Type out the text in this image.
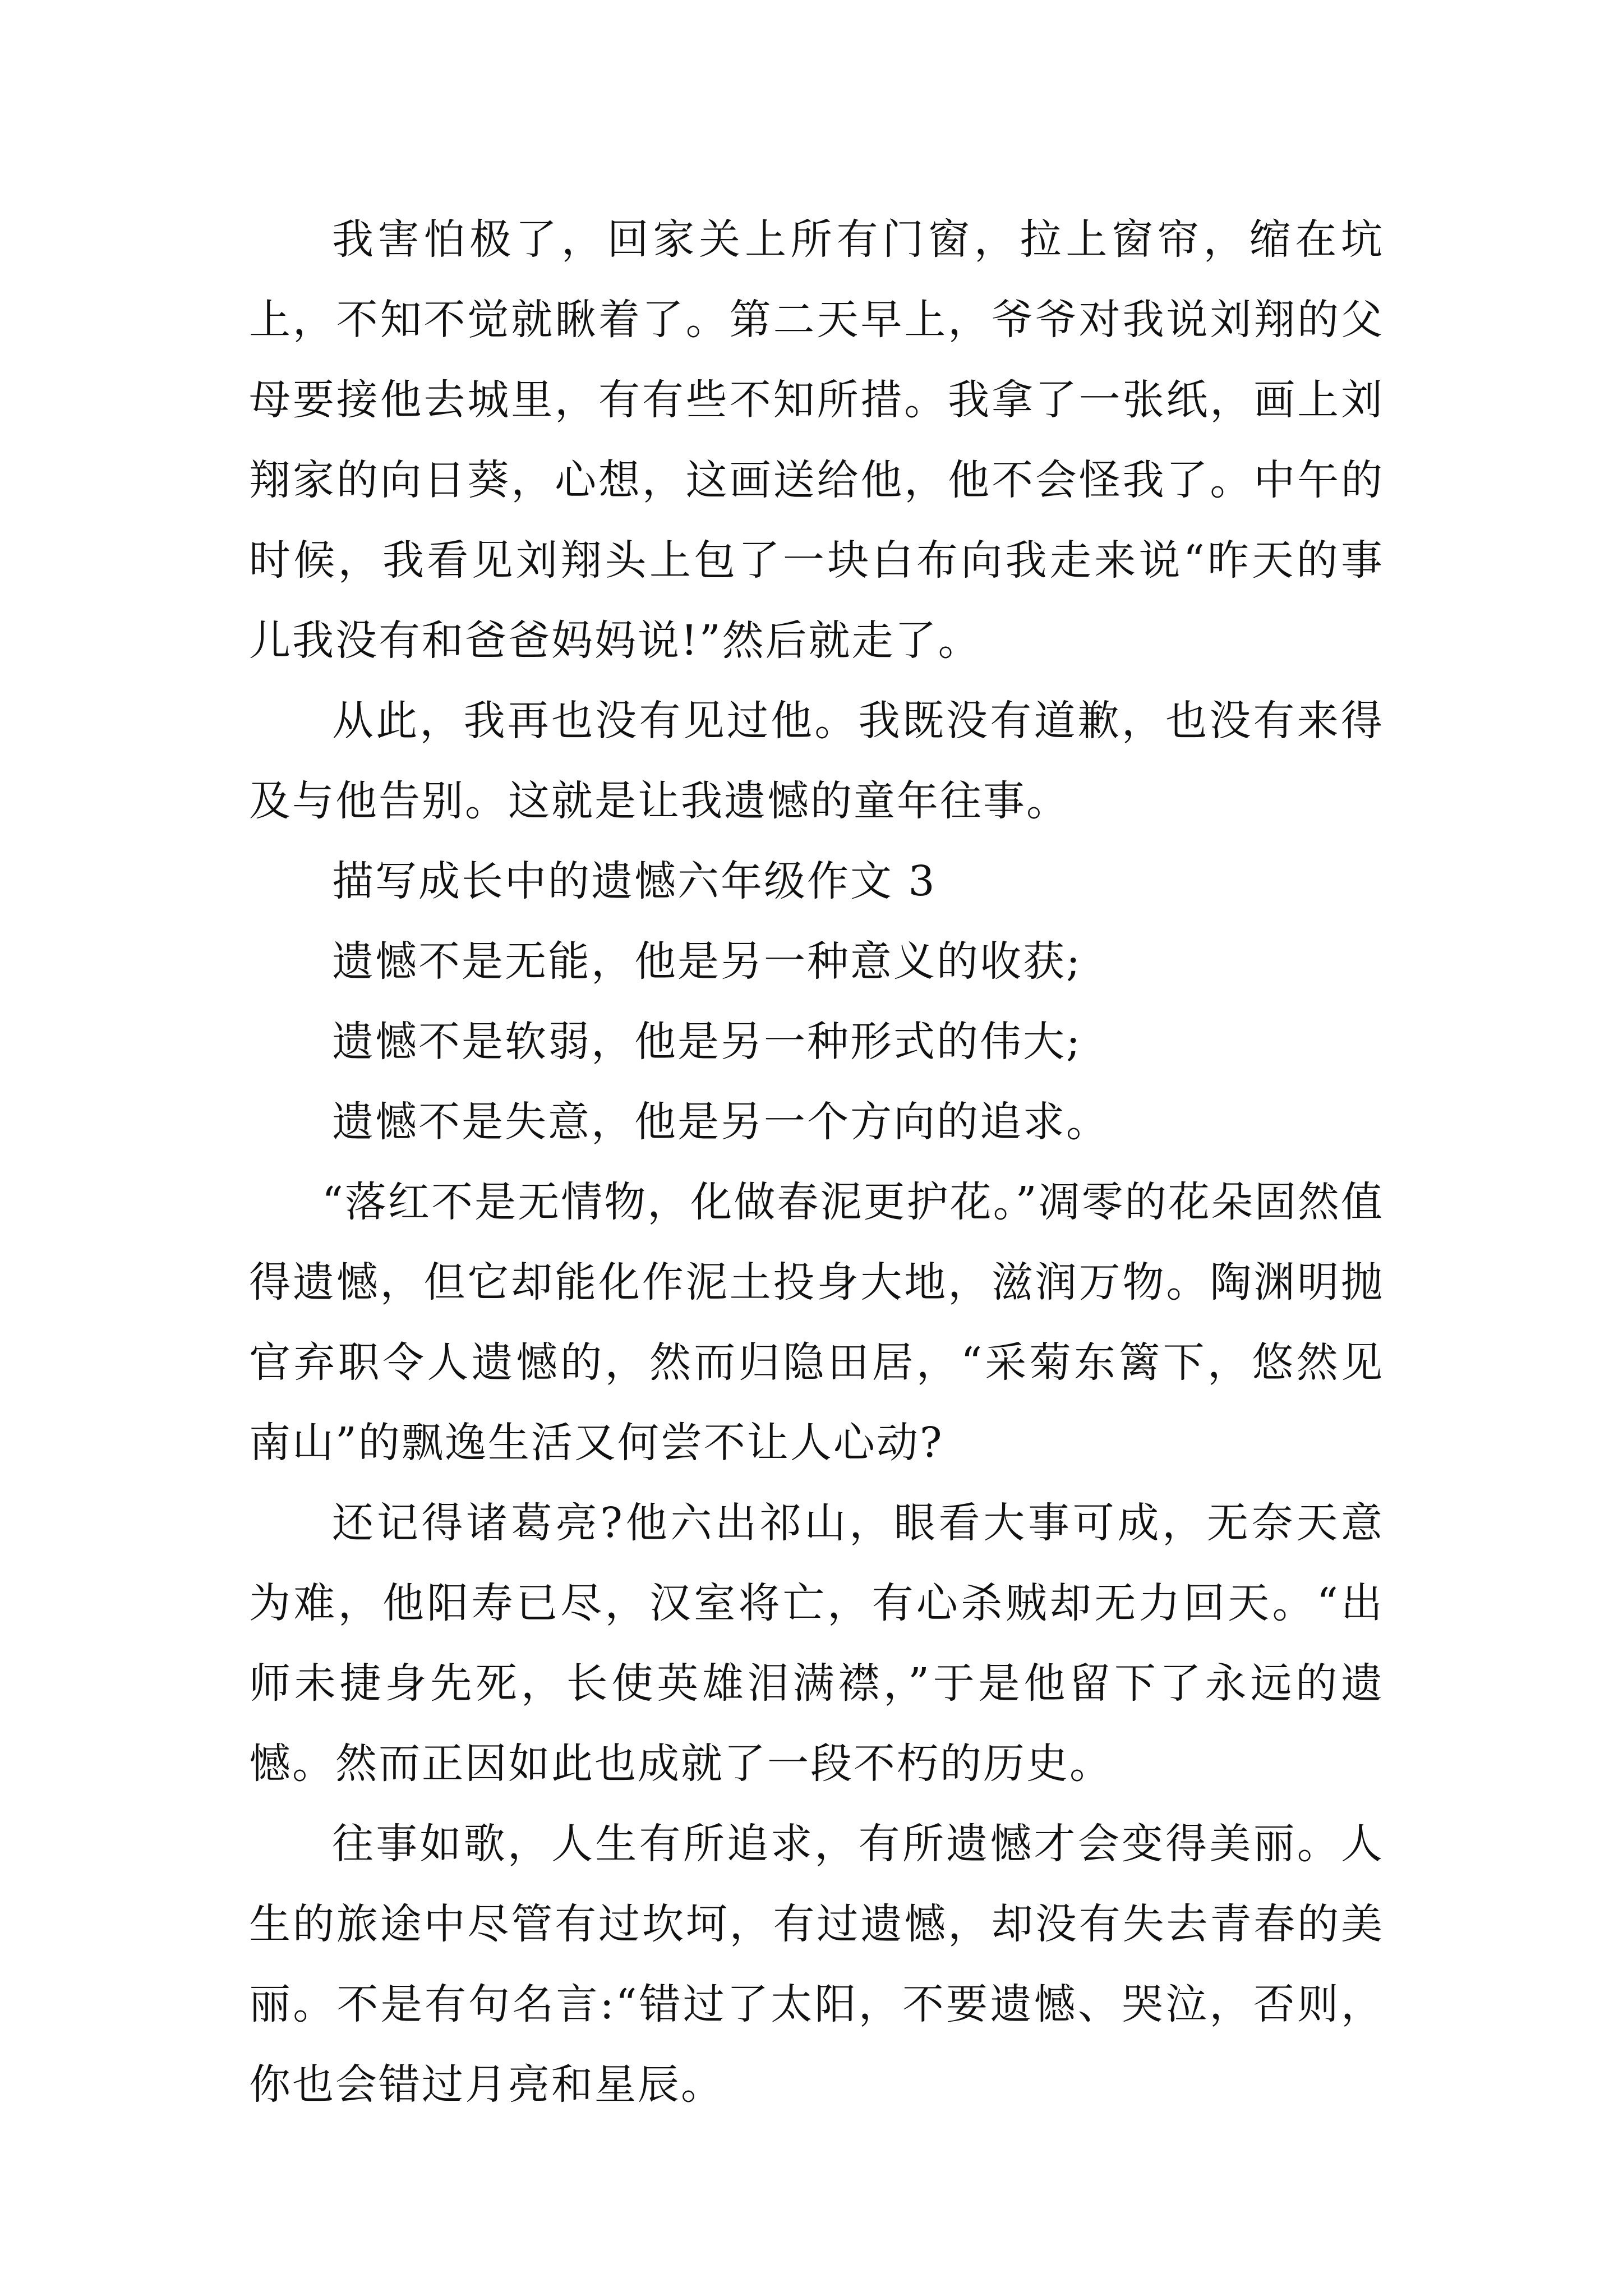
我害怕极了，回家关上所有门窗，拉上窗帘，缩在坑上，不知不觉就瞅着了。第二天早上，爷爷对我说刘翔的父母要接他去城里，有有些不知所措。我拿了一张纸，画上刘翔家的向日葵，心想，这画送给他，他不会怪我了。中午的时候，我看见刘翔头上包了一块白布向我走来说“昨天的事儿我没有和爸爸妈妈说!”然后就走了。

从此，我再也没有见过他。我既没有道歉，也没有来得及与他告别。这就是让我遗憾的童年往事。

描写成长中的遗憾六年级作文 3

遗憾不是无能，他是另一种意义的收获;

遗憾不是软弱，他是另一种形式的伟大;

遗憾不是失意，他是另一个方向的追求。

“落红不是无情物，化做春泥更护花。”凋零的花朵固然值得遗憾，但它却能化作泥土投身大地，滋润万物。陶渊明抛官弃职令人遗憾的，然而归隐田居，“采菊东篱下，悠然见南山”的飘逸生活又何尝不让人心动?

还记得诸葛亮?他六出祁山，眼看大事可成，无奈天意为难，他阳寿已尽，汉室将亡，有心杀贼却无力回天。“出师未捷身先死，长使英雄泪满襟，”于是他留下了永远的遗憾。然而正因如此也成就了一段不朽的历史。

往事如歌，人生有所追求，有所遗憾才会变得美丽。人生的旅途中尽管有过坎坷，有过遗憾，却没有失去青春的美丽。不是有句名言:“错过了太阳，不要遗憾、哭泣，否则，你也会错过月亮和星辰。
